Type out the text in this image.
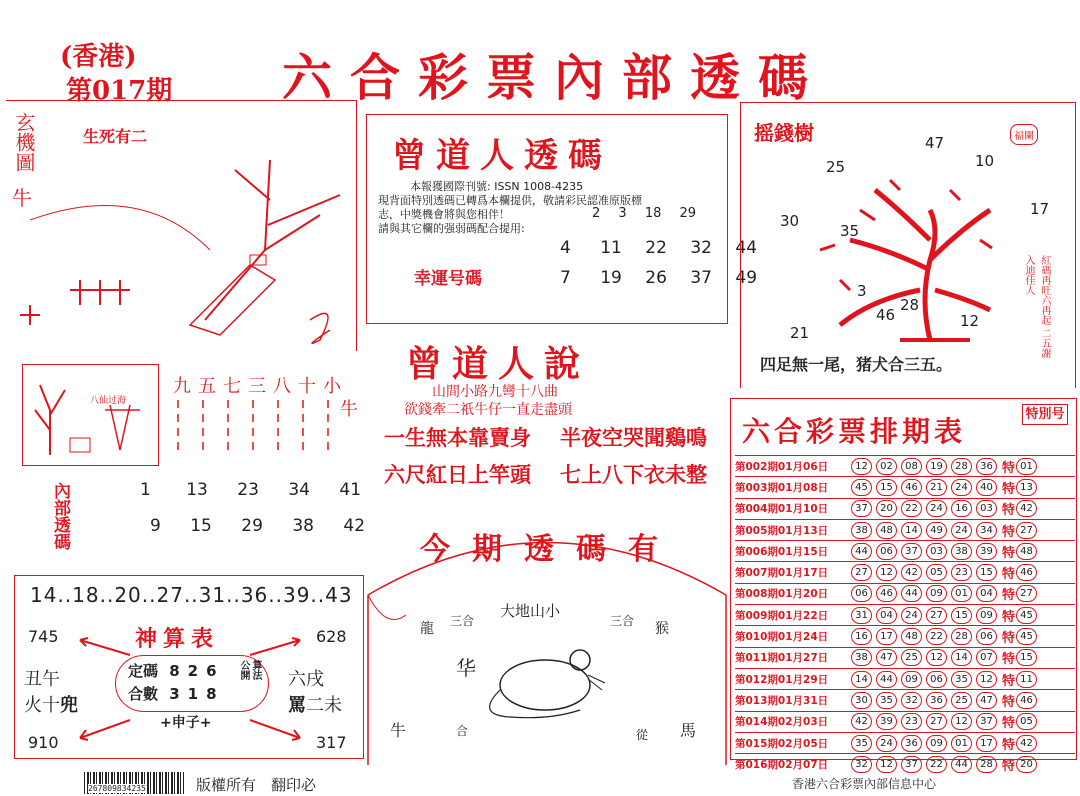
(香港)
第017期 六合彩票內部透碼
玄機圖
牛
生死有二
八仙过海
九 五 七 三 八 十 小
牛
內部透碼	1 13 23 34 41
9 15 29 38 42
14..18..20..27..31..36..39..43
神算表
745	628
910	317
丑午
火十兜
六戌
罵二未
定碼 826
合數 318
算法
公開
+申子+
曾道人透碼
本報獲國際刊號: ISSN 1008-4235
現背面特別透碼已轉爲本欄提供，敬請彩民認准原版標
志，中獎機會將與您相伴！
請與其它欄的强弱碼配合提用:
幸運号碼
2 3 18 29
4 11 22 32 44
7 19 26 37 49
曾道人說
山間小路九彎十八曲
欲錢牽二祇牛仔一直走盡頭
一生無本靠賣身 半夜空哭聞鷄鳴
六尺紅日上竿頭 七上八下衣未整
今期透碼有
龍 三合
大地山小
三合 猴
华
牛	合	從 馬
摇錢樹	福闌
47
10
25
17
30
35
3
21
12
28
46	紅碼再旺六再起 二五謝入迪佳人
四足無一尾，猪犬合三五。
六合彩票排期表
特別号
第002期01月06日	12	02	08	19	28	36 特 01
第003期01月08日	45	15	46	21	24	40 特 13
第004期01月10日	37	20	22	24	16	03 特 42
第005期01月13日	38	48	14	49	24	34 特 27
第006期01月15日	44	06	37	03	38	39 特 48
第007期01月17日	27	12	42	05	23	15 特 46
第008期01月20日	06	46	44	09	01	04 特 27
第009期01月22日	31	04	24	27	15	09 特 45
第010期01月24日	16	17	48	22	28	06 特 45
第011期01月27日	38	47	25	12	14	07 特 15
第012期01月29日	14	44	09	06	35	12 特 11
第013期01月31日	30	35	32	36	25	47 特 46
第014期02月03日	42	39	23	27	12	37 特 05
第015期02月05日	35	24	36	09	01	17 特 42
第016期02月07日	32	12	37	22	44	28 特 20
267809834235	版權所有　翻印必	香港六合彩票內部信息中心
